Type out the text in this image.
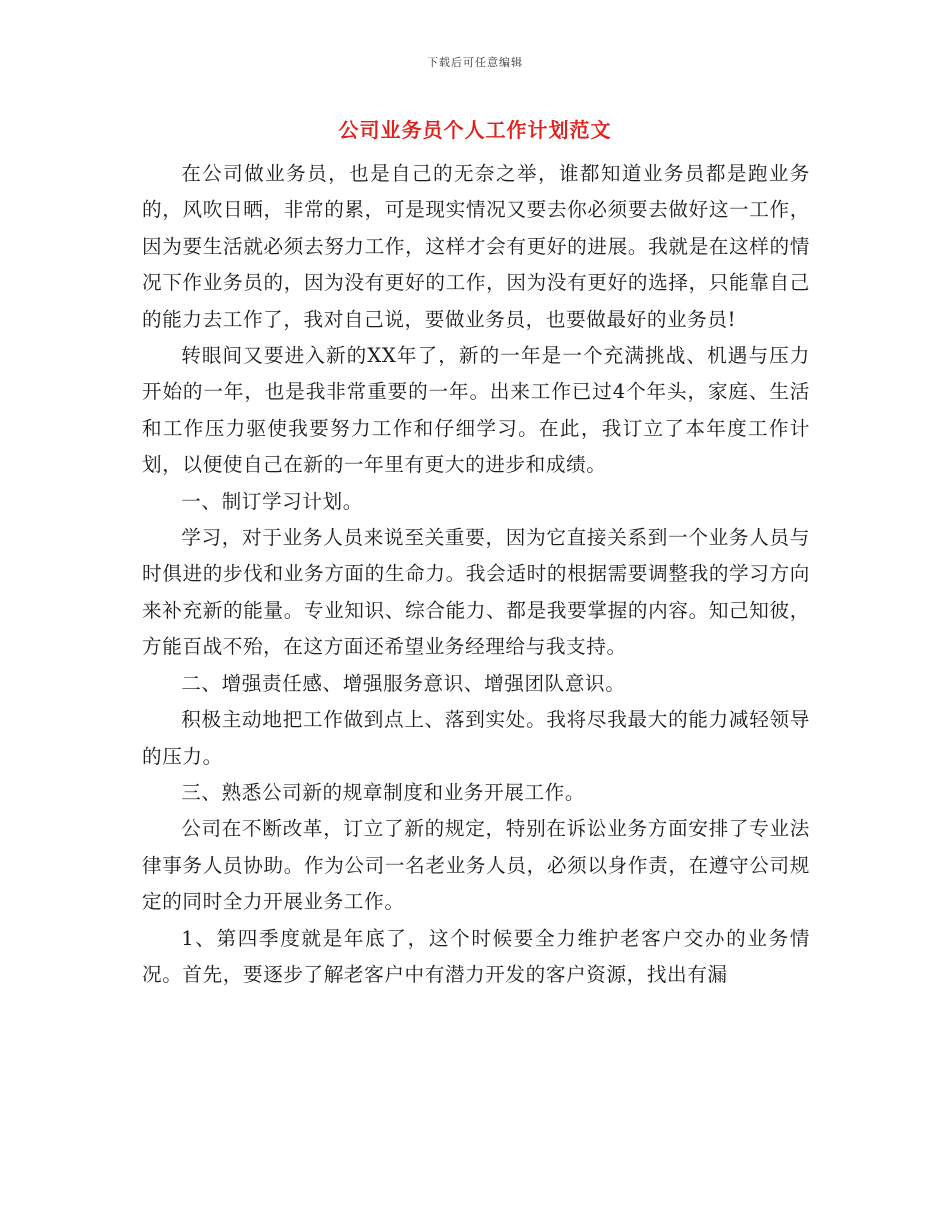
下载后可任意编辑
公司业务员个人工作计划范文

在公司做业务员，也是自己的无奈之举，谁都知道业务员都是跑业务的，风吹日晒，非常的累，可是现实情况又要去你必须要去做好这一工作，因为要生活就必须去努力工作，这样才会有更好的进展。我就是在这样的情况下作业务员的，因为没有更好的工作，因为没有更好的选择，只能靠自己的能力去工作了，我对自己说，要做业务员，也要做最好的业务员!

转眼间又要进入新的XX年了，新的一年是一个充满挑战、机遇与压力开始的一年，也是我非常重要的一年。出来工作已过4个年头，家庭、生活和工作压力驱使我要努力工作和仔细学习。在此，我订立了本年度工作计划，以便使自己在新的一年里有更大的进步和成绩。

一、制订学习计划。

学习，对于业务人员来说至关重要，因为它直接关系到一个业务人员与时俱进的步伐和业务方面的生命力。我会适时的根据需要调整我的学习方向来补充新的能量。专业知识、综合能力、都是我要掌握的内容。知己知彼，方能百战不殆，在这方面还希望业务经理给与我支持。

二、增强责任感、增强服务意识、增强团队意识。

积极主动地把工作做到点上、落到实处。我将尽我最大的能力减轻领导的压力。

三、熟悉公司新的规章制度和业务开展工作。

公司在不断改革，订立了新的规定，特别在诉讼业务方面安排了专业法律事务人员协助。作为公司一名老业务人员，必须以身作责，在遵守公司规定的同时全力开展业务工作。

1、第四季度就是年底了，这个时候要全力维护老客户交办的业务情况。首先，要逐步了解老客户中有潜力开发的客户资源，找出有漏
